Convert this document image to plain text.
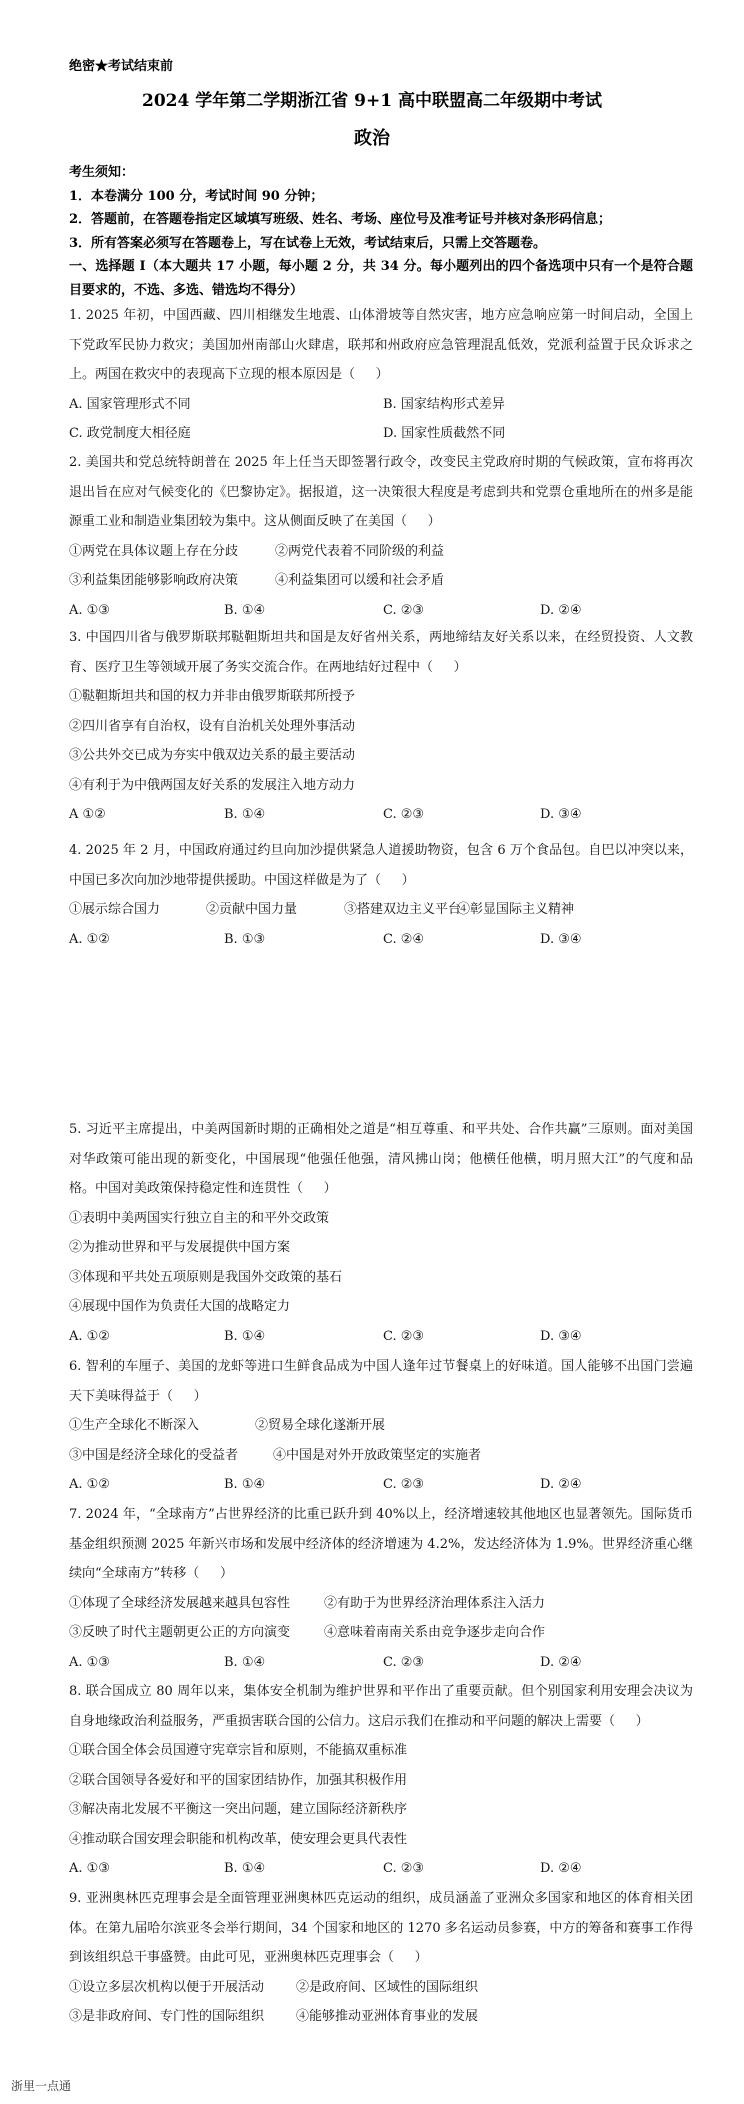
绝密★考试结束前
2024 学年第二学期浙江省 9+1 高中联盟高二年级期中考试
政治
考生须知：
1．本卷满分 100 分，考试时间 90 分钟；
2．答题前，在答题卷指定区域填写班级、姓名、考场、座位号及准考证号并核对条形码信息；
3．所有答案必须写在答题卷上，写在试卷上无效，考试结束后，只需上交答题卷。
一、选择题 I（本大题共 17 小题，每小题 2 分，共 34 分。每小题列出的四个备选项中只有一个是符合题目要求的，不选、多选、错选均不得分）
1. 2025 年初，中国西藏、四川相继发生地震、山体滑坡等自然灾害，地方应急响应第一时间启动，全国上下党政军民协力救灾；美国加州南部山火肆虐，联邦和州政府应急管理混乱低效，党派利益置于民众诉求之上。两国在救灾中的表现高下立现的根本原因是（     ）
A. 国家管理形式不同	B. 国家结构形式差异
C. 政党制度大相径庭	D. 国家性质截然不同
2. 美国共和党总统特朗普在 2025 年上任当天即签署行政令，改变民主党政府时期的气候政策，宣布将再次退出旨在应对气候变化的《巴黎协定》。据报道，这一决策很大程度是考虑到共和党票仓重地所在的州多是能源重工业和制造业集团较为集中。这从侧面反映了在美国（     ）
①两党在具体议题上存在分歧	②两党代表着不同阶级的利益
③利益集团能够影响政府决策	④利益集团可以缓和社会矛盾
A. ①③	B. ①④	C. ②③	D. ②④
3. 中国四川省与俄罗斯联邦鞑靼斯坦共和国是友好省州关系，两地缔结友好关系以来，在经贸投资、人文教育、医疗卫生等领域开展了务实交流合作。在两地结好过程中（     ）
①鞑靼斯坦共和国的权力并非由俄罗斯联邦所授予
②四川省享有自治权，设有自治机关处理外事活动
③公共外交已成为夯实中俄双边关系的最主要活动
④有利于为中俄两国友好关系的发展注入地方动力
A ①②	B. ①④	C. ②③	D. ③④
4. 2025 年 2 月，中国政府通过约旦向加沙提供紧急人道援助物资，包含 6 万个食品包。自巴以冲突以来，中国已多次向加沙地带提供援助。中国这样做是为了（     ）
①展示综合国力	②贡献中国力量	③搭建双边主义平台
④彰显国际主义精神
A. ①②	B. ①③	C. ②④	D. ③④
5. 习近平主席提出，中美两国新时期的正确相处之道是“相互尊重、和平共处、合作共赢”三原则。面对美国对华政策可能出现的新变化，中国展现“他强任他强，清风拂山岗；他横任他横，明月照大江”的气度和品格。中国对美政策保持稳定性和连贯性（     ）
①表明中美两国实行独立自主的和平外交政策
②为推动世界和平与发展提供中国方案
③体现和平共处五项原则是我国外交政策的基石
④展现中国作为负责任大国的战略定力
A. ①②	B. ①④	C. ②③	D. ③④
6. 智利的车厘子、美国的龙虾等进口生鲜食品成为中国人逢年过节餐桌上的好味道。国人能够不出国门尝遍天下美味得益于（     ）
①生产全球化不断深入	②贸易全球化遂渐开展
③中国是经济全球化的受益者	④中国是对外开放政策坚定的实施者
A. ①②	B. ①④	C. ②③	D. ②④
7. 2024 年，“全球南方”占世界经济的比重已跃升到 40%以上，经济增速较其他地区也显著领先。国际货币基金组织预测 2025 年新兴市场和发展中经济体的经济增速为 4.2%，发达经济体为 1.9%。世界经济重心继续向“全球南方”转移（     ）
①体现了全球经济发展越来越具包容性	②有助于为世界经济治理体系注入活力
③反映了时代主题朝更公正的方向演变	④意味着南南关系由竞争逐步走向合作
A. ①③	B. ①④	C. ②③	D. ②④
8. 联合国成立 80 周年以来，集体安全机制为维护世界和平作出了重要贡献。但个别国家利用安理会决议为自身地缘政治利益服务，严重损害联合国的公信力。这启示我们在推动和平问题的解决上需要（     ）
①联合国全体会员国遵守宪章宗旨和原则，不能搞双重标准
②联合国领导各爱好和平的国家团结协作，加强其积极作用
③解决南北发展不平衡这一突出问题，建立国际经济新秩序
④推动联合国安理会职能和机构改革，使安理会更具代表性
A. ①③	B. ①④	C. ②③	D. ②④
9. 亚洲奥林匹克理事会是全面管理亚洲奥林匹克运动的组织，成员涵盖了亚洲众多国家和地区的体育相关团体。在第九届哈尔滨亚冬会举行期间，34 个国家和地区的 1270 多名运动员参赛，中方的筹备和赛事工作得到该组织总干事盛赞。由此可见，亚洲奥林匹克理事会（     ）
①设立多层次机构以便于开展活动	②是政府间、区域性的国际组织
③是非政府间、专门性的国际组织	④能够推动亚洲体育事业的发展
浙里一点通
